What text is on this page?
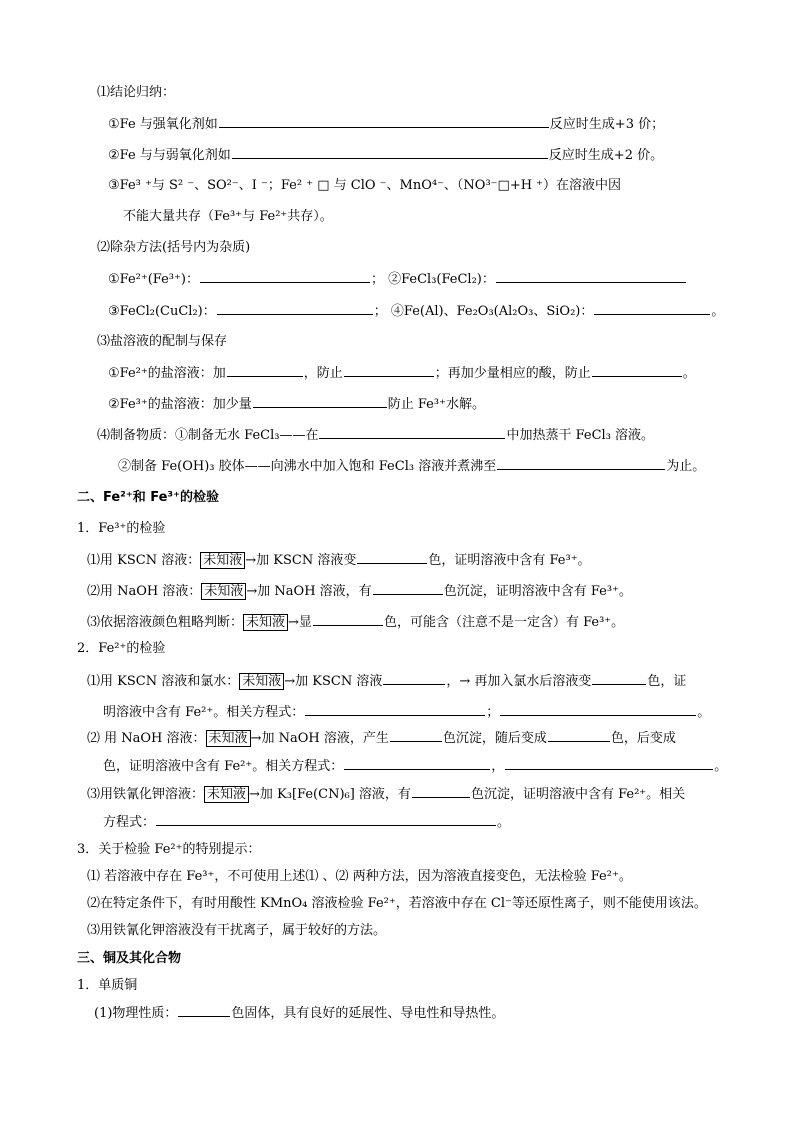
⑴结论归纳：
①Fe 与强氧化剂如	反应时生成+3 价；
②Fe 与与弱氧化剂如	反应时生成+2 价。
③Fe³ ⁺与 S² ⁻、SO²⁻、I ⁻；Fe² ⁺ □ 与 ClO ⁻、MnO⁴⁻、（NO³⁻□+H ⁺）在溶液中因
不能大量共存（Fe³⁺与 Fe²⁺共存）。
⑵除杂方法(括号内为杂质)
①Fe²⁺(Fe³⁺)：	； ②FeCl₃(FeCl₂)：
③FeCl₂(CuCl₂)：	； ④Fe(Al)、Fe₂O₃(Al₂O₃、SiO₂)：	。
⑶盐溶液的配制与保存
①Fe²⁺的盐溶液：加	，防止	；再加少量相应的酸，防止	。
②Fe³⁺的盐溶液：加少量	防止 Fe³⁺水解。
⑷制备物质：①制备无水 FeCl₃——在	中加热蒸干 FeCl₃ 溶液。
②制备 Fe(OH)₃ 胶体——向沸水中加入饱和 FeCl₃ 溶液并煮沸至	为止。
二、Fe²⁺和 Fe³⁺的检验
1．Fe³⁺的检验
⑴用 KSCN 溶液： 未知液 →加 KSCN 溶液变	色，证明溶液中含有 Fe³⁺。
⑵用 NaOH 溶液： 未知液 →加 NaOH 溶液，有	色沉淀，证明溶液中含有 Fe³⁺。
⑶依据溶液颜色粗略判断： 未知液 →显	色，可能含（注意不是一定含）有 Fe³⁺。
2．Fe²⁺的检验
⑴用 KSCN 溶液和氯水： 未知液 →加 KSCN 溶液	，→ 再加入氯水后溶液变	色，证
明溶液中含有 Fe²⁺。相关方程式：	；	。
⑵ 用 NaOH 溶液： 未知液 →加 NaOH 溶液，产生	色沉淀，随后变成	色，后变成
色，证明溶液中含有 Fe²⁺。相关方程式：	，	。
⑶用铁氰化钾溶液： 未知液 →加 K₃[Fe(CN)₆] 溶液，有	色沉淀，证明溶液中含有 Fe²⁺。相关
方程式：	。
3．关于检验 Fe²⁺的特别提示：
⑴ 若溶液中存在 Fe³⁺，不可使用上述⑴ 、⑵ 两种方法，因为溶液直接变色，无法检验 Fe²⁺。
⑵在特定条件下，有时用酸性 KMnO₄ 溶液检验 Fe²⁺，若溶液中存在 Cl⁻等还原性离子，则不能使用该法。
⑶用铁氰化钾溶液没有干扰离子，属于较好的方法。
三、铜及其化合物
1．单质铜
(1)物理性质：	色固体，具有良好的延展性、导电性和导热性。
